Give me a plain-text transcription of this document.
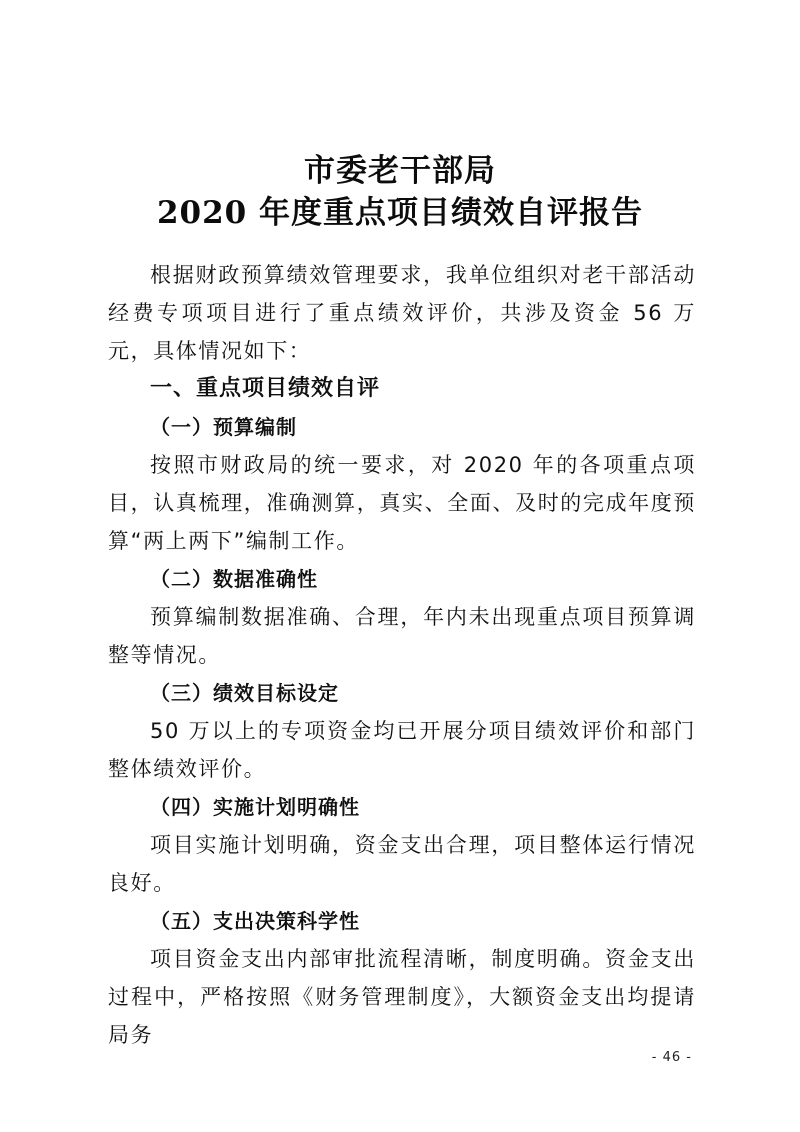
市委老干部局
2020 年度重点项目绩效自评报告

根据财政预算绩效管理要求，我单位组织对老干部活动经费专项项目进行了重点绩效评价，共涉及资金 56 万元，具体情况如下：

一、重点项目绩效自评

（一）预算编制

按照市财政局的统一要求，对 2020 年的各项重点项目，认真梳理，准确测算，真实、全面、及时的完成年度预算“两上两下”编制工作。

（二）数据准确性

预算编制数据准确、合理，年内未出现重点项目预算调整等情况。

（三）绩效目标设定

50 万以上的专项资金均已开展分项目绩效评价和部门整体绩效评价。

（四）实施计划明确性

项目实施计划明确，资金支出合理，项目整体运行情况良好。

（五）支出决策科学性

项目资金支出内部审批流程清晰，制度明确。资金支出过程中，严格按照《财务管理制度》，大额资金支出均提请局务

- 46 -
